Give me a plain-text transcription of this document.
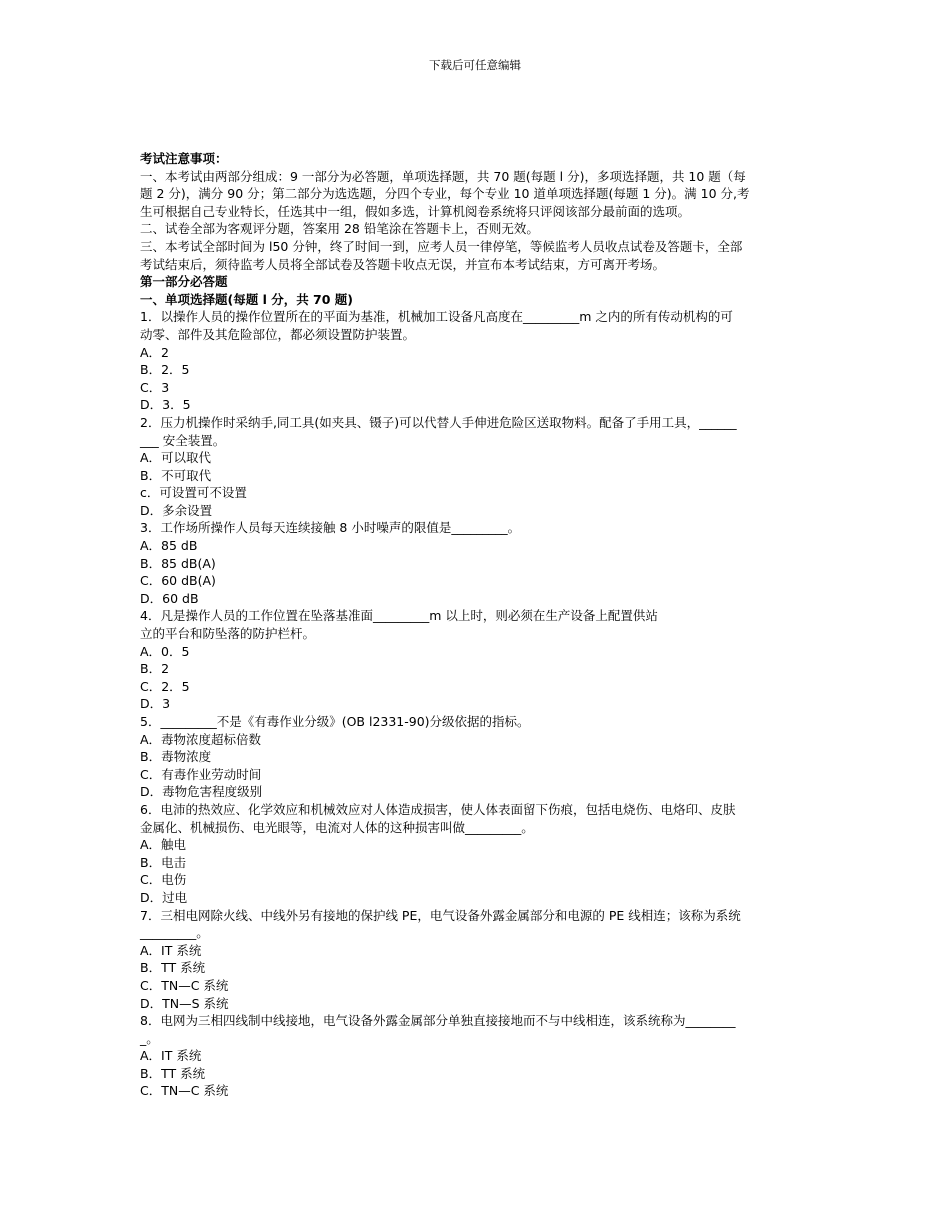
下载后可任意编辑
考试注意事项：
一、本考试由两部分组成：9 一部分为必答题，单项选择题，共 70 题(每题 l 分)，多项选择题，共 10 题（每
题 2 分)，满分 90 分；第二部分为选选题，分四个专业，每个专业 10 道单项选择题(每题 1 分)。满 10 分,考
生可根据自己专业特长，任选其中一组，假如多选，计算机阅卷系统将只评阅该部分最前面的选项。
二、试卷全部为客观评分题，答案用 28 铅笔涂在答题卡上，否则无效。
三、本考试全部时间为 l50 分钟，终了时间一到，应考人员一律停笔，等候监考人员收点试卷及答题卡，全部
考试结束后，须待监考人员将全部试卷及答题卡收点无误，并宣布本考试结束，方可离开考场。
第一部分必答题
一、单项选择题(每题 l 分，共 70 题)
1．以操作人员的操作位置所在的平面为基准，机械加工设备凡高度在_________m 之内的所有传动机构的可
动零、部件及其危险部位，都必须设置防护装置。
A．2
B．2．5
C．3
D．3．5
2．压力机操作时采纳手,同工具(如夹具、镊子)可以代替人手伸进危险区送取物料。配备了手用工具，______
___ 安全装置。
A．可以取代
B．不可取代
c．可设置可不设置
D．多余设置
3．工作场所操作人员每天连续接触 8 小时噪声的限值是_________。
A．85 dB
B．85 dB(A)
C．60 dB(A)
D．60 dB
4．凡是操作人员的工作位置在坠落基准面_________m 以上时，则必须在生产设备上配置供站
立的平台和防坠落的防护栏杆。
A．0．5
B．2
C．2．5
D．3
5．_________不是《有毒作业分级》(OB l2331-90)分级依据的指标。
A．毒物浓度超标倍数
B．毒物浓度
C．有毒作业劳动时间
D．毒物危害程度级别
6．电沛的热效应、化学效应和机械效应对人体造成损害，使人体表面留下伤痕，包括电烧伤、电烙印、皮肤
金属化、机械损伤、电光眼等，电流对人体的这种损害叫做_________。
A．触电
B．电击
C．电伤
D．过电
7．三相电网除火线、中线外另有接地的保护线 PE，电气设备外露金属部分和电源的 PE 线相连；该称为系统
_________。
A．IT 系统
B．TT 系统
C．TN—C 系统
D．TN—S 系统
8．电网为三相四线制中线接地，电气设备外露金属部分单独直接接地而不与中线相连，该系统称为________
_。
A．IT 系统
B．TT 系统
C．TN—C 系统
